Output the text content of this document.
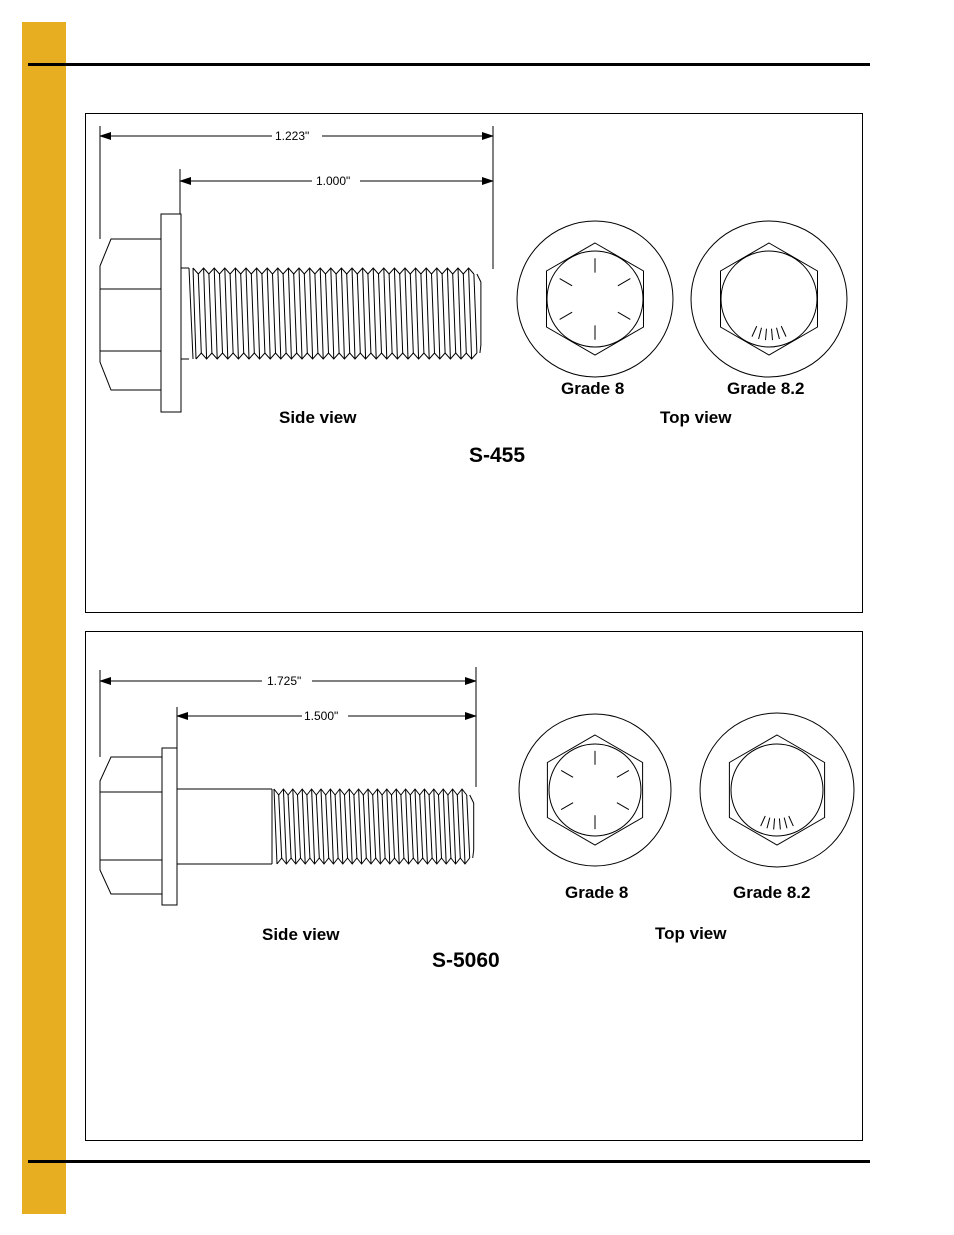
1.223"
1.000"
Grade 8	Grade 8.2
Side view	Top view
S-455
1.725"
1.500"
Grade 8	Grade 8.2
Side view	Top view
S-5060
